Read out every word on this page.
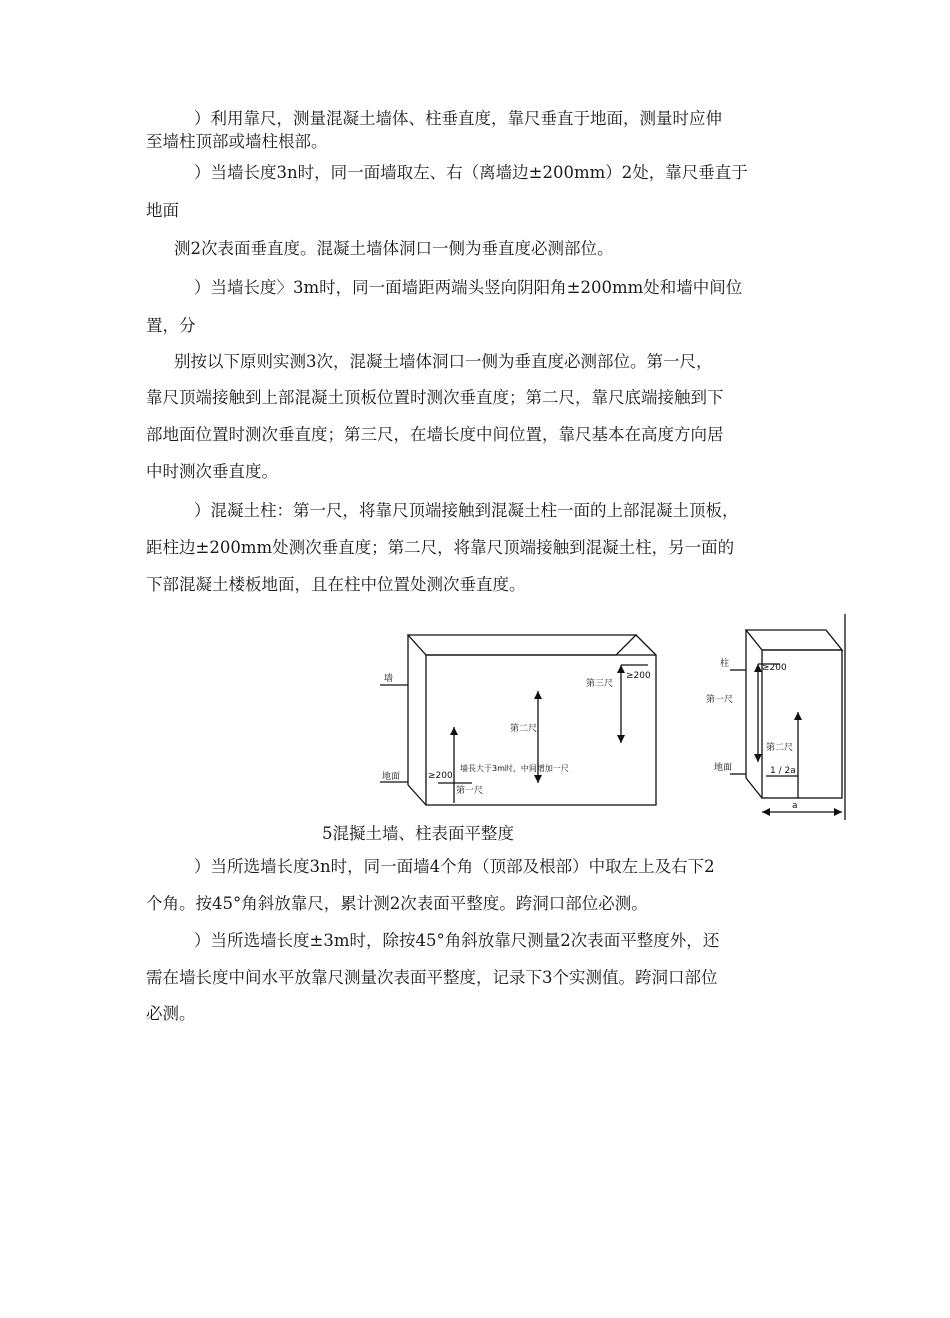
）利用靠尺，测量混凝土墙体、柱垂直度，靠尺垂直于地面，测量时应伸
至墙柱顶部或墙柱根部。
）当墙长度3n时，同一面墙取左、右（离墙边±200mm）2处，靠尺垂直于
地面
测2次表面垂直度。混凝土墙体洞口一侧为垂直度必测部位。
）当墙长度〉3m时，同一面墙距两端头竖向阴阳角±200mm处和墙中间位
置，分
别按以下原则实测3次，混凝土墙体洞口一侧为垂直度必测部位。第一尺，
靠尺顶端接触到上部混凝土顶板位置时测次垂直度；第二尺，靠尺底端接触到下
部地面位置时测次垂直度；第三尺，在墙长度中间位置，靠尺基本在高度方向居
中时测次垂直度。
）混凝土柱：第一尺，将靠尺顶端接触到混凝土柱一面的上部混凝土顶板，
距柱边±200mm处测次垂直度；第二尺，将靠尺顶端接触到混凝土柱，另一面的
下部混凝土楼板地面，且在柱中位置处测次垂直度。
墙
地面
第三尺
≥200
第二尺
墙長大于3m时，中间增加一尺
≥200
第一尺
柱	≥200
第一尺
第二尺
地面	1 / 2a
a
5混擬土墙、柱表面平整度
）当所选墙长度3n时，同一面墙4个角（顶部及根部）中取左上及右下2
个角。按45°角斜放靠尺，累计测2次表面平整度。跨洞口部位必测。
）当所选墙长度±3m时，除按45°角斜放靠尺测量2次表面平整度外，还
需在墙长度中间水平放靠尺测量次表面平整度，记录下3个实测值。跨洞口部位
必测。
